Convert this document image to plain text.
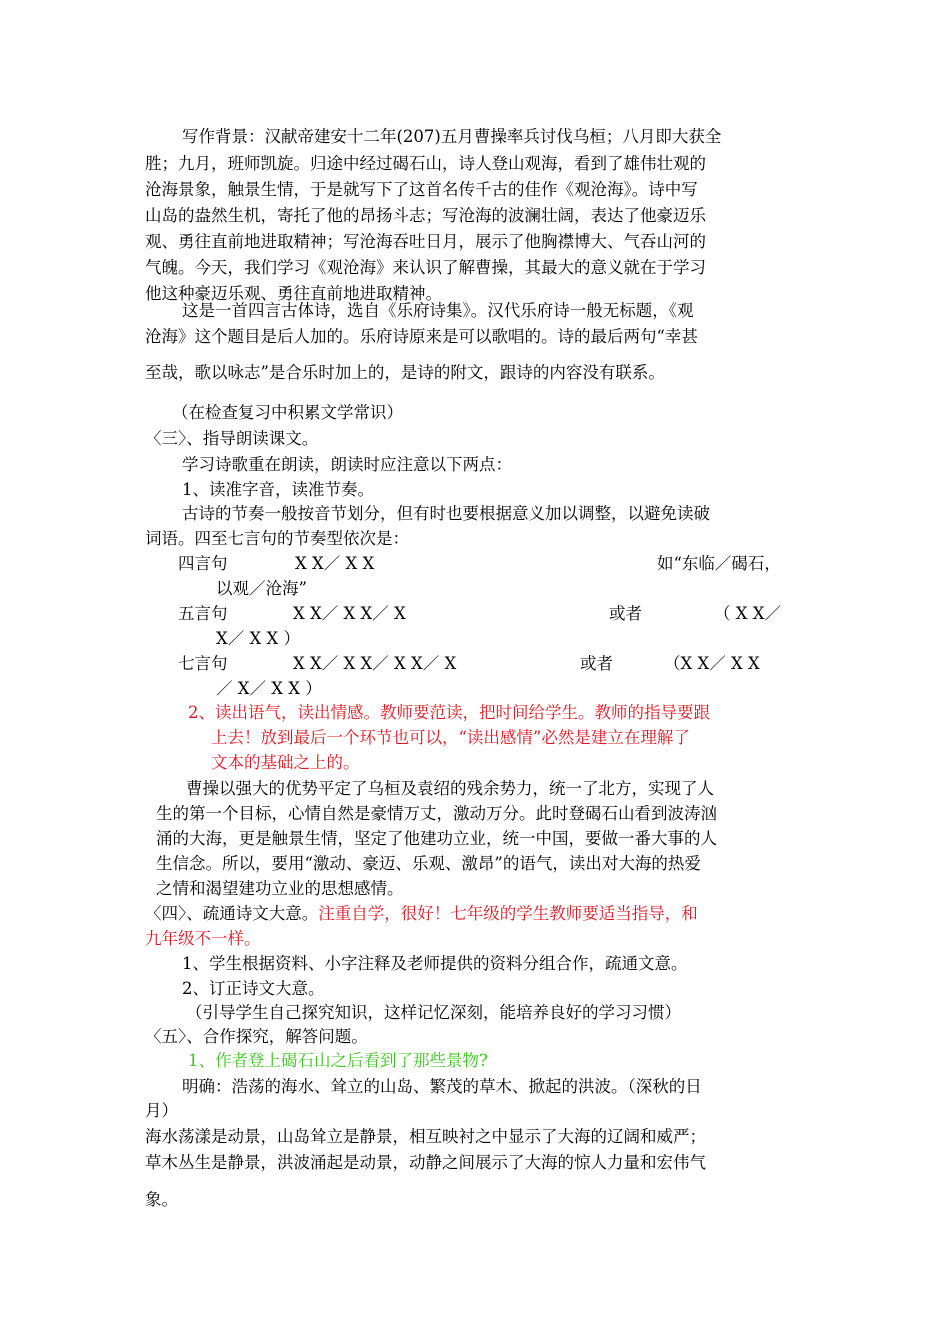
写作背景：汉献帝建安十二年(207)五月曹操率兵讨伐乌桓；八月即大获全
胜；九月，班师凯旋。归途中经过碣石山，诗人登山观海，看到了雄伟壮观的
沧海景象，触景生情，于是就写下了这首名传千古的佳作《观沧海》。诗中写
山岛的盎然生机，寄托了他的昂扬斗志；写沧海的波澜壮阔，表达了他豪迈乐
观、勇往直前地进取精神；写沧海吞吐日月，展示了他胸襟博大、气吞山河的
气魄。今天，我们学习《观沧海》来认识了解曹操，其最大的意义就在于学习
他这种豪迈乐观、勇往直前地进取精神。
这是一首四言古体诗，选自《乐府诗集》。汉代乐府诗一般无标题，《观
沧海》这个题目是后人加的。乐府诗原来是可以歌唱的。诗的最后两句“幸甚
至哉，歌以咏志”是合乐时加上的，是诗的附文，跟诗的内容没有联系。
（在检查复习中积累文学常识）
〈三〉、指导朗读课文。
学习诗歌重在朗读，朗读时应注意以下两点：
1、读准字音，读准节奏。
古诗的节奏一般按音节划分，但有时也要根据意义加以调整，以避免读破
词语。四至七言句的节奏型依次是：
四言句	X X／ X X	如“东临／碣石，
以观／沧海”
五言句	X X／ X X／ X	或者	（ X X／
X／ X X ）
七言句	X X／ X X／ X X／ X	或者	（X X／ X X
／ X／ X X ）
2、读出语气，读出情感。教师要范读，把时间给学生。教师的指导要跟
上去！放到最后一个环节也可以，“读出感情”必然是建立在理解了
文本的基础之上的。
曹操以强大的优势平定了乌桓及袁绍的残余势力，统一了北方，实现了人
生的第一个目标，心情自然是豪情万丈，激动万分。此时登碣石山看到波涛汹
涌的大海，更是触景生情，坚定了他建功立业，统一中国，要做一番大事的人
生信念。所以，要用“激动、豪迈、乐观、激昂”的语气，读出对大海的热爱
之情和渴望建功立业的思想感情。
〈四〉、疏通诗文大意。注重自学，很好！七年级的学生教师要适当指导，和
九年级不一样。
1、学生根据资料、小字注释及老师提供的资料分组合作，疏通文意。
2、订正诗文大意。
（引导学生自己探究知识，这样记忆深刻，能培养良好的学习习惯）
〈五〉、合作探究，解答问题。
1、作者登上碣石山之后看到了那些景物?
明确：浩荡的海水、耸立的山岛、繁茂的草木、掀起的洪波。（深秋的日
月）
海水荡漾是动景，山岛耸立是静景，相互映衬之中显示了大海的辽阔和威严；
草木丛生是静景，洪波涌起是动景，动静之间展示了大海的惊人力量和宏伟气
象。
